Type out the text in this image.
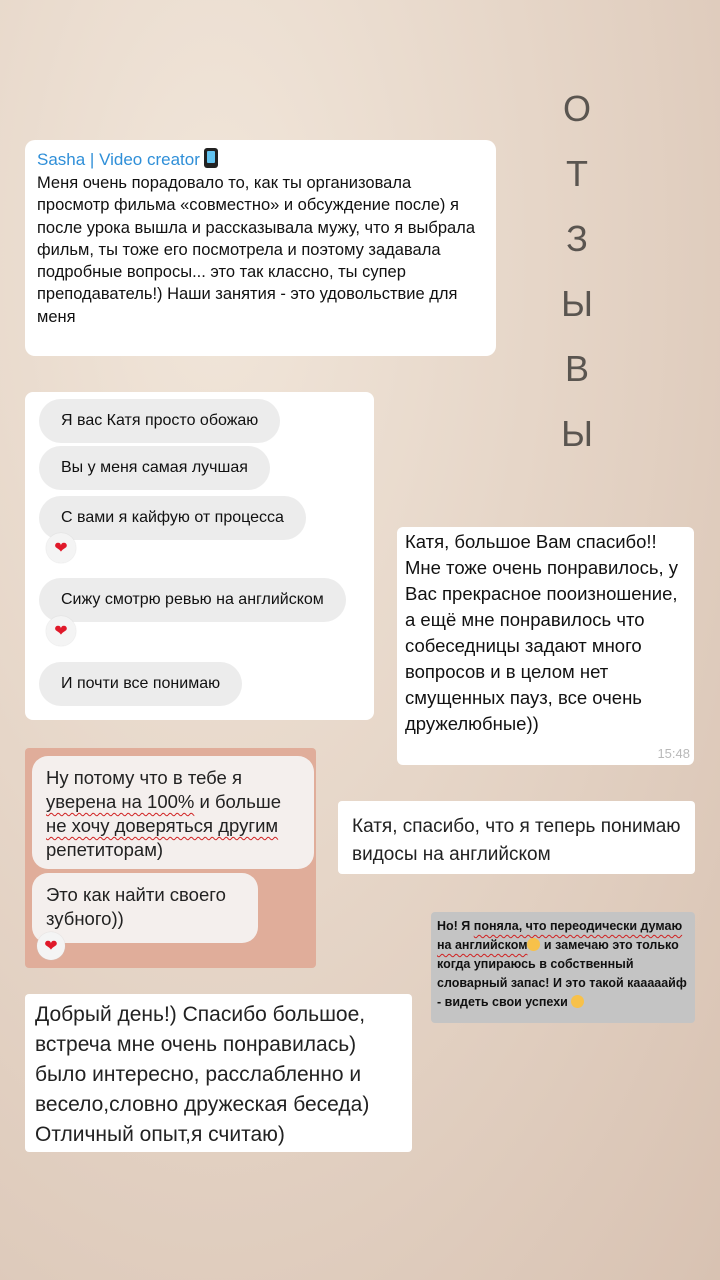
О
Т
З
Ы
В
Ы
Sasha | Video creator
Меня очень порадовало то, как ты организовала просмотр фильма «совместно» и обсуждение после) я после урока вышла и рассказывала мужу, что я выбрала фильм, ты тоже его посмотрела и поэтому задавала подробные вопросы... это так классно, ты супер преподаватель!) Наши занятия - это удовольствие для меня
Я вас Катя просто обожаю
Вы у меня самая лучшая
С вами я кайфую от процесса
❤
Сижу смотрю ревью на английском
❤
И почти все понимаю
Катя, большое Вам спасибо!! Мне тоже очень понравилось, у Вас прекрасное пооизношение, а ещё мне понравилось что собеседницы задают много вопросов и в целом нет смущенных пауз, все очень дружелюбные))
15:48
Ну потому что в тебе я
уверена на 100% и больше
не хочу доверяться другим
репетиторам)
Это как найти своего зубного))
❤
Катя, спасибо, что я теперь понимаю видосы на английском
Но! Я поняла, что переодически думаю на английском и замечаю это только когда упираюсь в собственный словарный запас! И это такой кааааайф - видеть свои успехи
Добрый день!) Спасибо большое, встреча мне очень понравилась) было интересно, расслабленно и весело,словно дружеская беседа) Отличный опыт,я считаю)
